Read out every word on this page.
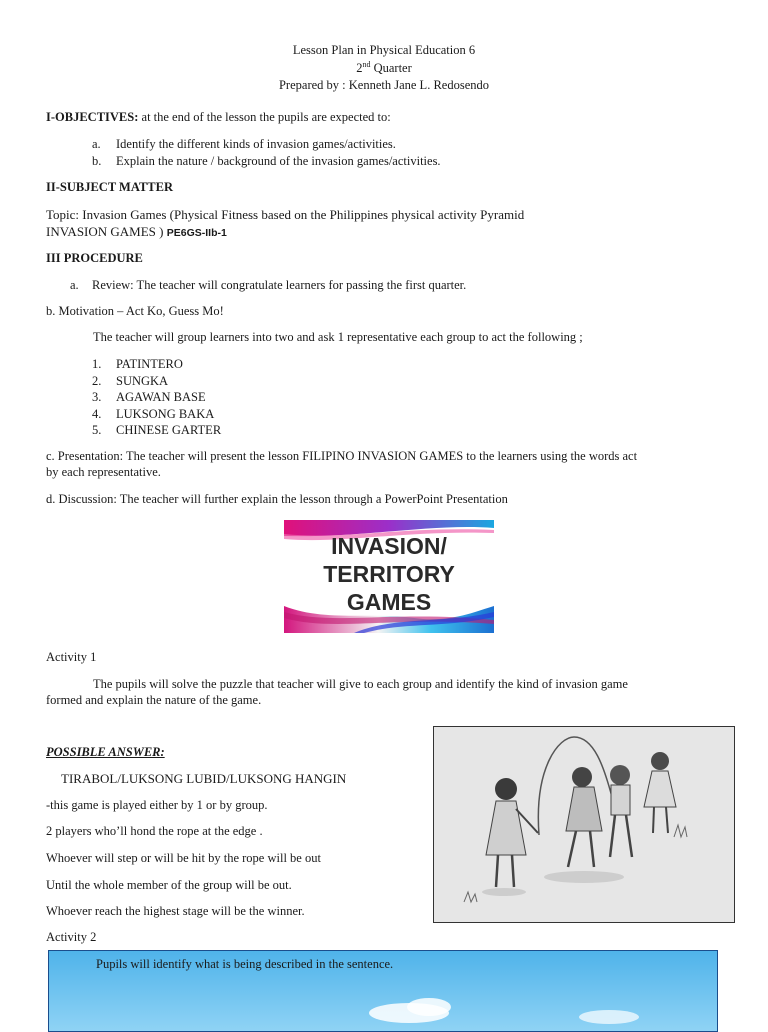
Lesson Plan in Physical Education 6
2nd Quarter
Prepared by : Kenneth Jane L. Redosendo
I-OBJECTIVES: at the end of the lesson the pupils are expected to:
a. Identify the different kinds of invasion games/activities.
b. Explain the nature / background of the invasion games/activities.
II-SUBJECT MATTER
Topic: Invasion Games (Physical Fitness based on the Philippines physical activity Pyramid
INVASION GAMES ) PE6GS-IIb-1
III PROCEDURE
a. Review: The teacher will congratulate learners for passing the first quarter.
b. Motivation – Act Ko, Guess Mo!
The teacher will group learners into two and ask 1 representative each group to act the following ;
1. PATINTERO
2. SUNGKA
3. AGAWAN BASE
4. LUKSONG BAKA
5. CHINESE GARTER
c. Presentation: The teacher will present the lesson FILIPINO INVASION GAMES to the learners using the words act
by each representative.
d. Discussion: The teacher will further explain the lesson through a PowerPoint Presentation
INVASION/
TERRITORY
GAMES
Activity 1
The pupils will solve the puzzle that teacher will give to each group and identify the kind of invasion game
formed and explain the nature of the game.
POSSIBLE ANSWER:
TIRABOL/LUKSONG LUBID/LUKSONG HANGIN
-this game is played either by 1 or by group.
2 players who’ll hond the rope at the edge .
Whoever will step or will be hit by the rope will be out
Until the whole member of the group will be out.
Whoever reach the highest stage will be the winner.
Activity 2
Pupils will identify what is being described in the sentence.
